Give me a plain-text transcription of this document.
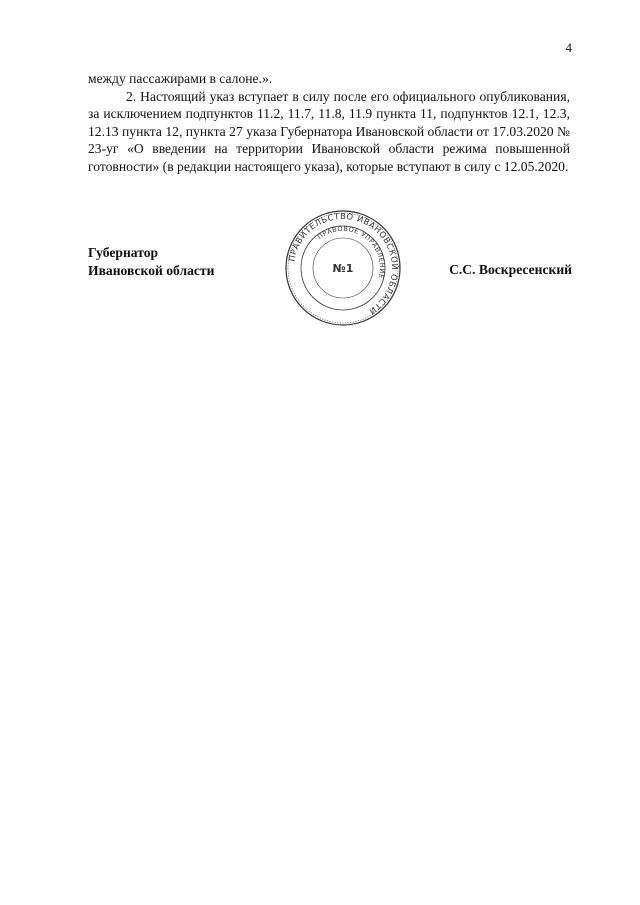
4

между пассажирами в салоне.».

2. Настоящий указ вступает в силу после его официального опубликования, за исключением подпунктов 11.2, 11.7, 11.8, 11.9 пункта 11, подпунктов 12.1, 12.3, 12.13 пункта 12, пункта 27 указа Губернатора Ивановской области от 17.03.2020 № 23-уг «О введении на территории Ивановской области режима повышенной готовности» (в редакции настоящего указа), которые вступают в силу с 12.05.2020.

Губернатор
Ивановской области
ПРАВИТЕЛЬСТВО ИВАНОВСКОЙ ОБЛАСТИ
ПРАВОВОЕ УПРАВЛЕНИЕ
№1	С.С. Воскресенский
